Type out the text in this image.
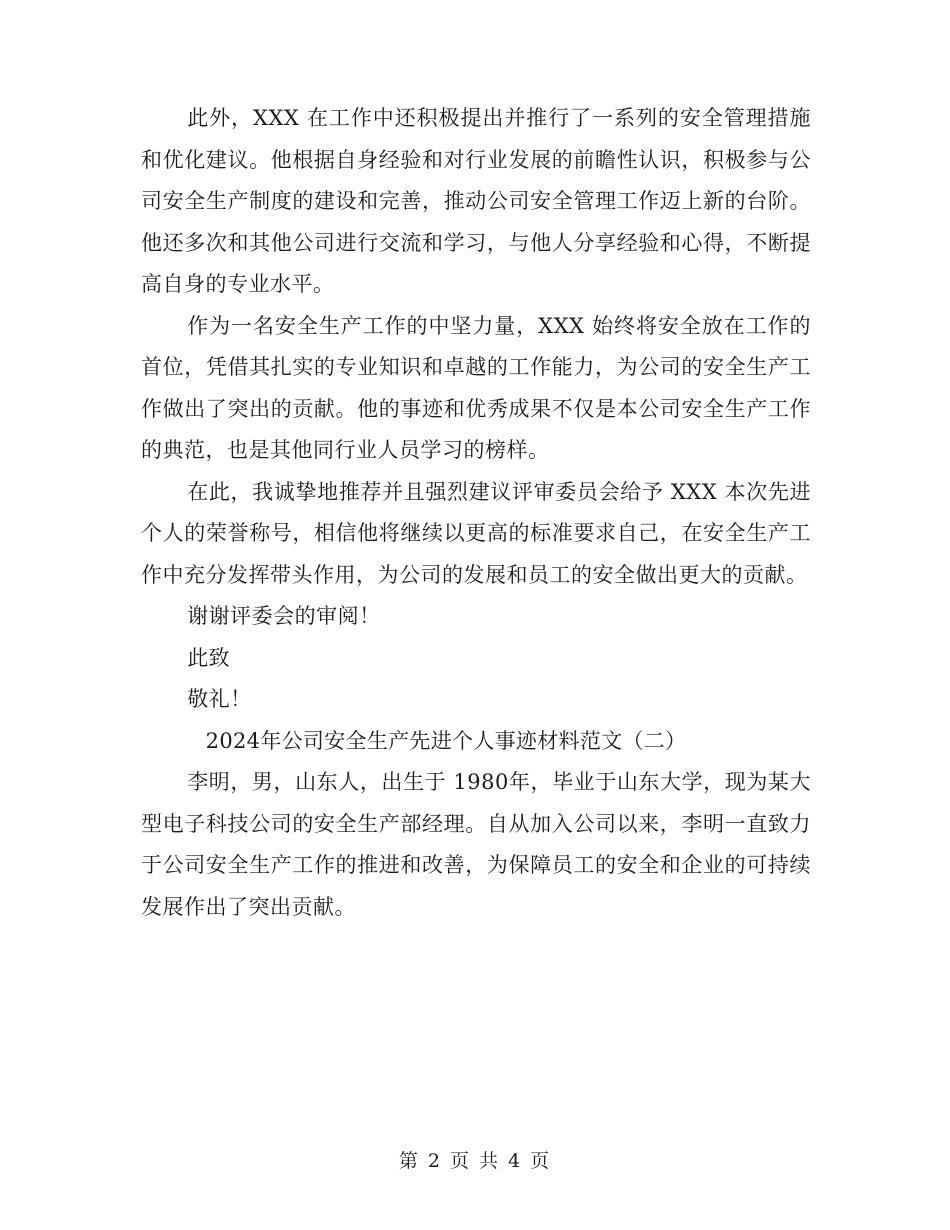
此外，XXX 在工作中还积极提出并推行了一系列的安全管理措施和优化建议。他根据自身经验和对行业发展的前瞻性认识，积极参与公司安全生产制度的建设和完善，推动公司安全管理工作迈上新的台阶。他还多次和其他公司进行交流和学习，与他人分享经验和心得，不断提高自身的专业水平。

作为一名安全生产工作的中坚力量，XXX 始终将安全放在工作的首位，凭借其扎实的专业知识和卓越的工作能力，为公司的安全生产工作做出了突出的贡献。他的事迹和优秀成果不仅是本公司安全生产工作的典范，也是其他同行业人员学习的榜样。

在此，我诚挚地推荐并且强烈建议评审委员会给予 XXX 本次先进个人的荣誉称号，相信他将继续以更高的标准要求自己，在安全生产工作中充分发挥带头作用，为公司的发展和员工的安全做出更大的贡献。

谢谢评委会的审阅！

此致

敬礼！

2024年公司安全生产先进个人事迹材料范文（二）

李明，男，山东人，出生于 1980年，毕业于山东大学，现为某大型电子科技公司的安全生产部经理。自从加入公司以来，李明一直致力于公司安全生产工作的推进和改善，为保障员工的安全和企业的可持续发展作出了突出贡献。

第 2 页 共 4 页
